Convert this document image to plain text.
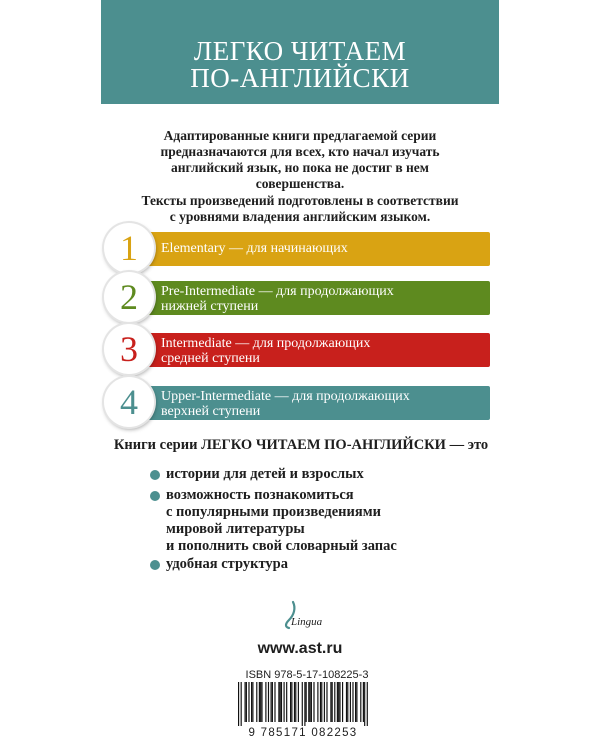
ЛЕГКО ЧИТАЕМ
ПО-АНГЛИЙСКИ
Адаптированные книги предлагаемой серии
предназначаются для всех, кто начал изучать
английский язык, но пока не достиг в нем
совершенства.
Тексты произведений подготовлены в соответствии
с уровнями владения английским языком.
1	Elementary — для начинающих
2	Pre-Intermediate — для продолжающих
нижней ступени
3	Intermediate — для продолжающих
средней ступени
4	Upper-Intermediate — для продолжающих
верхней ступени
Книги серии ЛЕГКО ЧИТАЕМ ПО-АНГЛИЙСКИ — это
истории для детей и взрослых
возможность познакомиться
с популярными произведениями
мировой литературы
и пополнить свой словарный запас
удобная структура
Lingua
www.ast.ru
ISBN 978-5-17-108225-3
9 785171 082253
